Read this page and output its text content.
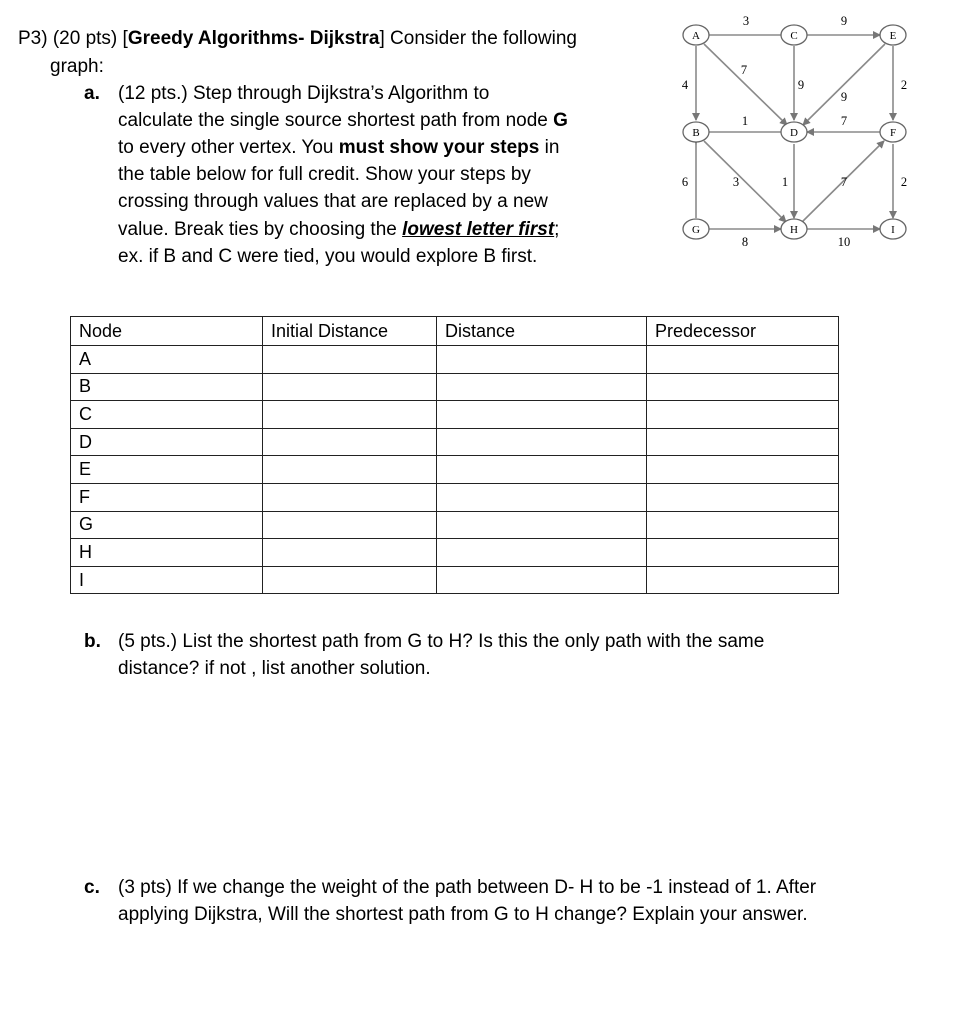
P3) (20 pts) [Greedy Algorithms- Dijkstra] Consider the following
graph:
a. (12 pts.) Step through Dijkstra’s Algorithm to
calculate the single source shortest path from node G
to every other vertex. You must show your steps in
the table below for full credit. Show your steps by
crossing through values that are replaced by a new
value. Break ties by choosing the lowest letter first;
ex. if B and C were tied, you would explore B first.
3	9
4
7
9
9
2
1	7
6	3	1	7	2
8	10
A	C	E
B	D	F
G	H	I
Node	Initial Distance	Distance	Predecessor
A			
B			
C			
D			
E			
F			
G			
H			
I			
b. (5 pts.) List the shortest path from G to H? Is this the only path with the same
distance? if not , list another solution.
c. (3 pts) If we change the weight of the path between D- H to be -1 instead of 1. After
applying Dijkstra, Will the shortest path from G to H change? Explain your answer.
